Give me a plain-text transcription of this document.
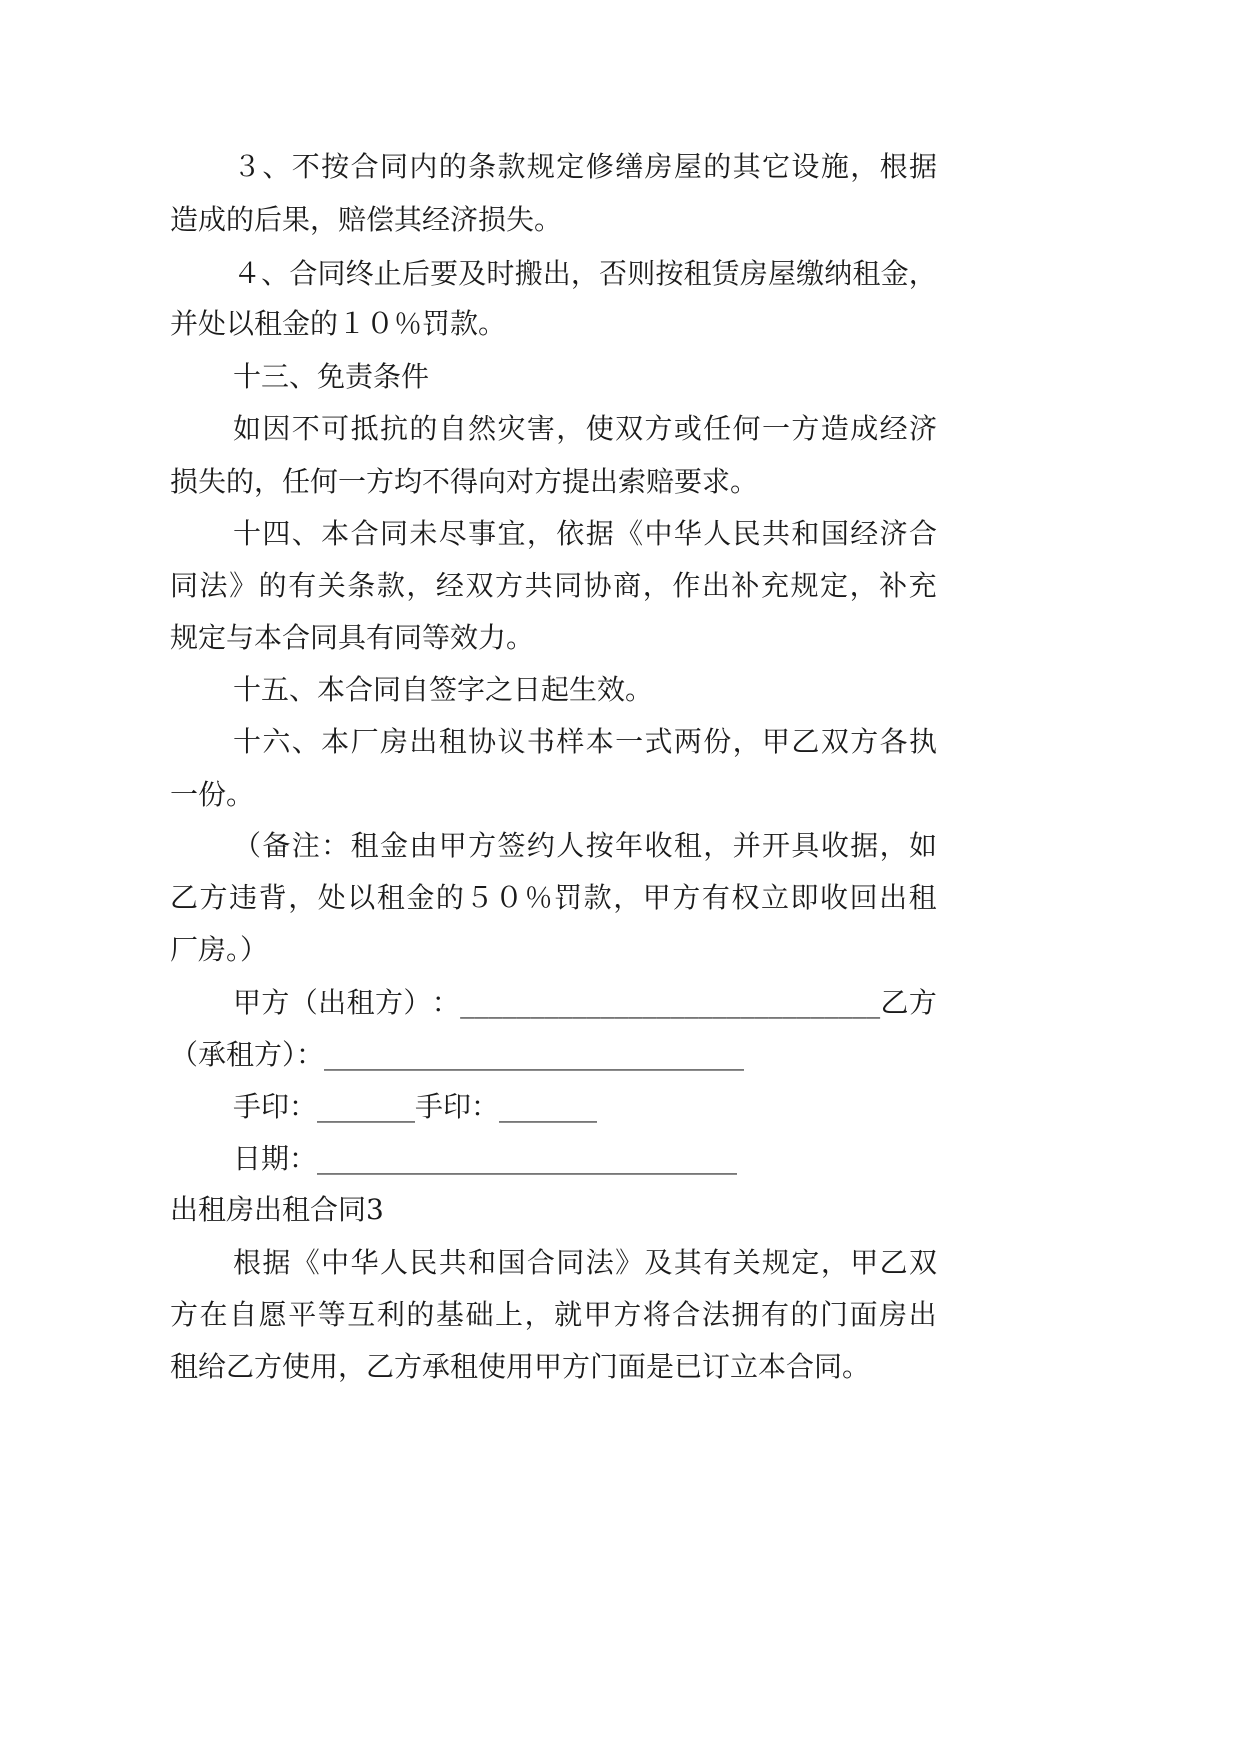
３ 、 不 按 合 同 内 的 条 款 规 定 修 缮 房 屋 的 其 它 设 施 ， 根 据
造成的后果，赔偿其经济损失。
４ 、 合 同 终 止 后 要 及 时 搬 出 ， 否 则 按 租 赁 房 屋 缴 纳 租 金 ，
并处以租金的１０％罚款。
十三、免责条件
如 因 不 可 抵 抗 的 自 然 灾 害 ， 使 双 方 或 任 何 一 方 造 成 经 济
损失的，任何一方均不得向对方提出索赔要求。
十 四 、 本 合 同 未 尽 事 宜 ， 依 据 《 中 华 人 民 共 和 国 经 济 合
同 法 》 的 有 关 条 款 ， 经 双 方 共 同 协 商 ， 作 出 补 充 规 定 ， 补 充
规定与本合同具有同等效力。
十五、本合同自签字之日起生效。
十 六 、 本 厂 房 出 租 协 议 书 样 本 一 式 两 份 ， 甲 乙 双 方 各 执
一份。
（ 备 注 ： 租 金 由 甲 方 签 约 人 按 年 收 租 ， 并 开 具 收 据 ， 如
乙 方 违 背 ， 处 以 租 金 的 ５ ０ ％ 罚 款 ， 甲 方 有 权 立 即 收 回 出 租
厂房。）
甲 方 （ 出 租 方 ） ： ______________________________ 乙 方
（承租方）：______________________________
手印：_______手印：_______
日期：______________________________
出租房出租合同3
根 据 《 中 华 人 民 共 和 国 合 同 法 》 及 其 有 关 规 定 ， 甲 乙 双
方 在 自 愿 平 等 互 利 的 基 础 上 ， 就 甲 方 将 合 法 拥 有 的 门 面 房 出
租给乙方使用，乙方承租使用甲方门面是已订立本合同。
